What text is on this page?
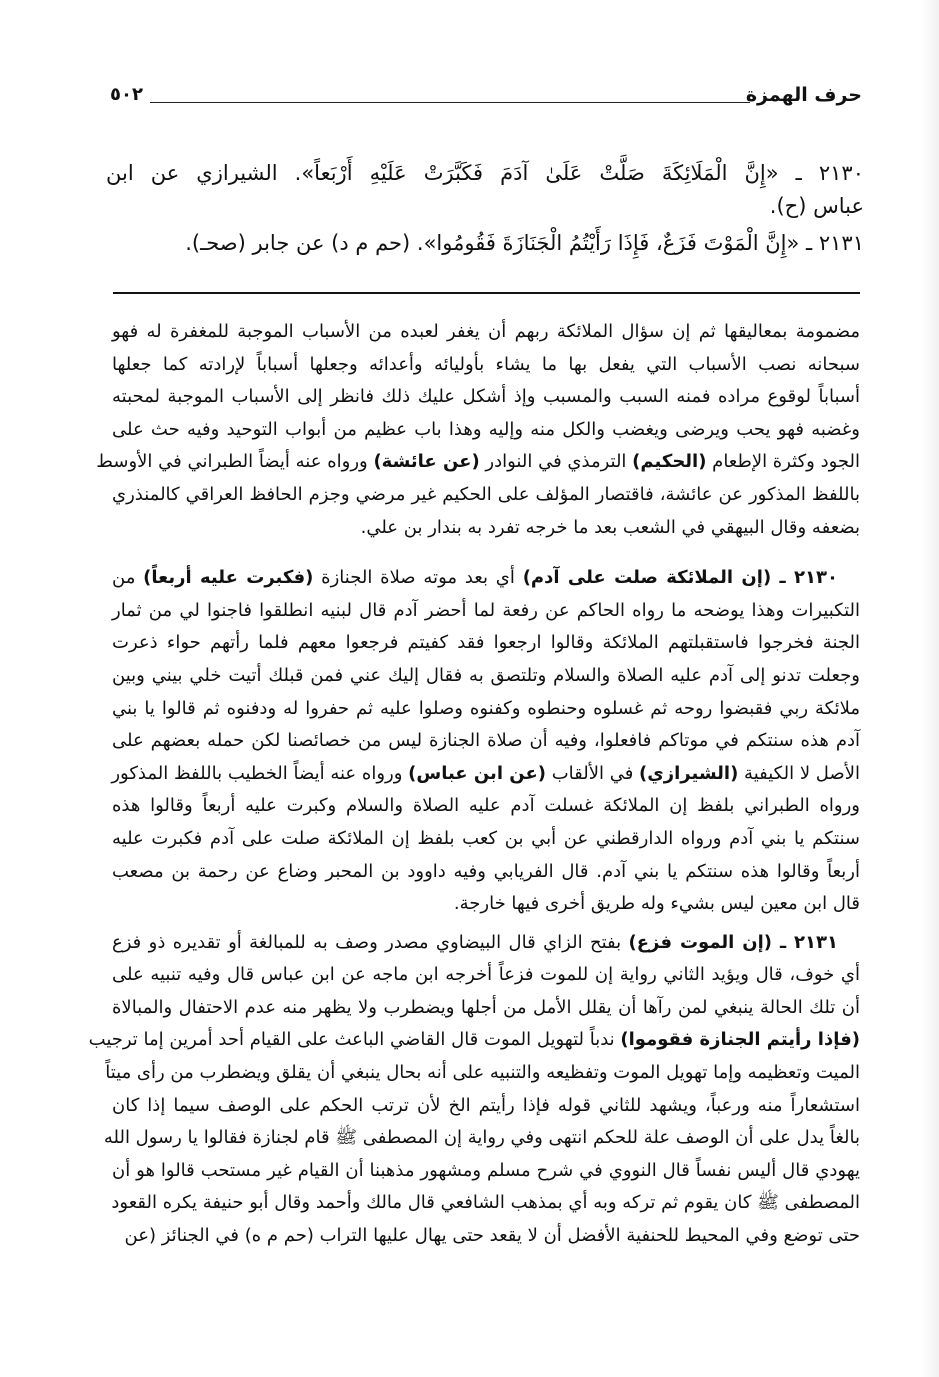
حرف الهمزة
٥٠٢
٢١٣٠ ـ «إِنَّ الْمَلَائِكَةَ صَلَّتْ عَلَىٰ آدَمَ فَكَبَّرَتْ عَلَيْهِ أَرْبَعاً». الشيرازي عن ابن
عباس (ح).
٢١٣١ ـ «إِنَّ الْمَوْتَ فَزَعٌ، فَإِذَا رَأَيْتُمُ الْجَنَازَةَ فَقُومُوا». (حم م د) عن جابر (صحـ).
مضمومة بمعاليقها ثم إن سؤال الملائكة ربهم أن يغفر لعبده من الأسباب الموجبة للمغفرة له فهو
سبحانه نصب الأسباب التي يفعل بها ما يشاء بأوليائه وأعدائه وجعلها أسباباً لإرادته كما جعلها
أسباباً لوقوع مراده فمنه السبب والمسبب وإذ أشكل عليك ذلك فانظر إلى الأسباب الموجبة لمحبته
وغضبه فهو يحب ويرضى ويغضب والكل منه وإليه وهذا باب عظيم من أبواب التوحيد وفيه حث على
الجود وكثرة الإطعام (الحكيم) الترمذي في النوادر (عن عائشة) ورواه عنه أيضاً الطبراني في الأوسط
باللفظ المذكور عن عائشة، فاقتصار المؤلف على الحكيم غير مرضي وجزم الحافظ العراقي كالمنذري
بضعفه وقال البيهقي في الشعب بعد ما خرجه تفرد به بندار بن علي.
٢١٣٠ ـ (إن الملائكة صلت على آدم) أي بعد موته صلاة الجنازة (فكبرت عليه أربعاً) من
التكبيرات وهذا يوضحه ما رواه الحاكم عن رفعة لما أحضر آدم قال لبنيه انطلقوا فاجنوا لي من ثمار
الجنة فخرجوا فاستقبلتهم الملائكة وقالوا ارجعوا فقد كفيتم فرجعوا معهم فلما رأتهم حواء ذعرت
وجعلت تدنو إلى آدم عليه الصلاة والسلام وتلتصق به فقال إليك عني فمن قبلك أتيت خلي بيني وبين
ملائكة ربي فقبضوا روحه ثم غسلوه وحنطوه وكفنوه وصلوا عليه ثم حفروا له ودفنوه ثم قالوا يا بني
آدم هذه سنتكم في موتاكم فافعلوا، وفيه أن صلاة الجنازة ليس من خصائصنا لكن حمله بعضهم على
الأصل لا الكيفية (الشيرازي) في الألقاب (عن ابن عباس) ورواه عنه أيضاً الخطيب باللفظ المذكور
ورواه الطبراني بلفظ إن الملائكة غسلت آدم عليه الصلاة والسلام وكبرت عليه أربعاً وقالوا هذه
سنتكم يا بني آدم ورواه الدارقطني عن أبي بن كعب بلفظ إن الملائكة صلت على آدم فكبرت عليه
أربعاً وقالوا هذه سنتكم يا بني آدم. قال الفريابي وفيه داوود بن المحبر وضاع عن رحمة بن مصعب
قال ابن معين ليس بشيء وله طريق أخرى فيها خارجة.
٢١٣١ ـ (إن الموت فزع) بفتح الزاي قال البيضاوي مصدر وصف به للمبالغة أو تقديره ذو فزع
أي خوف، قال ويؤيد الثاني رواية إن للموت فزعاً أخرجه ابن ماجه عن ابن عباس قال وفيه تنبيه على
أن تلك الحالة ينبغي لمن رآها أن يقلل الأمل من أجلها ويضطرب ولا يظهر منه عدم الاحتفال والمبالاة
(فإذا رأيتم الجنازة فقوموا) ندباً لتهويل الموت قال القاضي الباعث على القيام أحد أمرين إما ترجيب
الميت وتعظيمه وإما تهويل الموت وتفظيعه والتنبيه على أنه بحال ينبغي أن يقلق ويضطرب من رأى ميتاً
استشعاراً منه ورعباً، ويشهد للثاني قوله فإذا رأيتم الخ لأن ترتب الحكم على الوصف سيما إذا كان
بالغاً يدل على أن الوصف علة للحكم انتهى وفي رواية إن المصطفى ﷺ قام لجنازة فقالوا يا رسول الله
يهودي قال أليس نفساً قال النووي في شرح مسلم ومشهور مذهبنا أن القيام غير مستحب قالوا هو أن
المصطفى ﷺ كان يقوم ثم تركه وبه أي بمذهب الشافعي قال مالك وأحمد وقال أبو حنيفة يكره القعود
حتى توضع وفي المحيط للحنفية الأفضل أن لا يقعد حتى يهال عليها التراب (حم م ه) في الجنائز (عن
